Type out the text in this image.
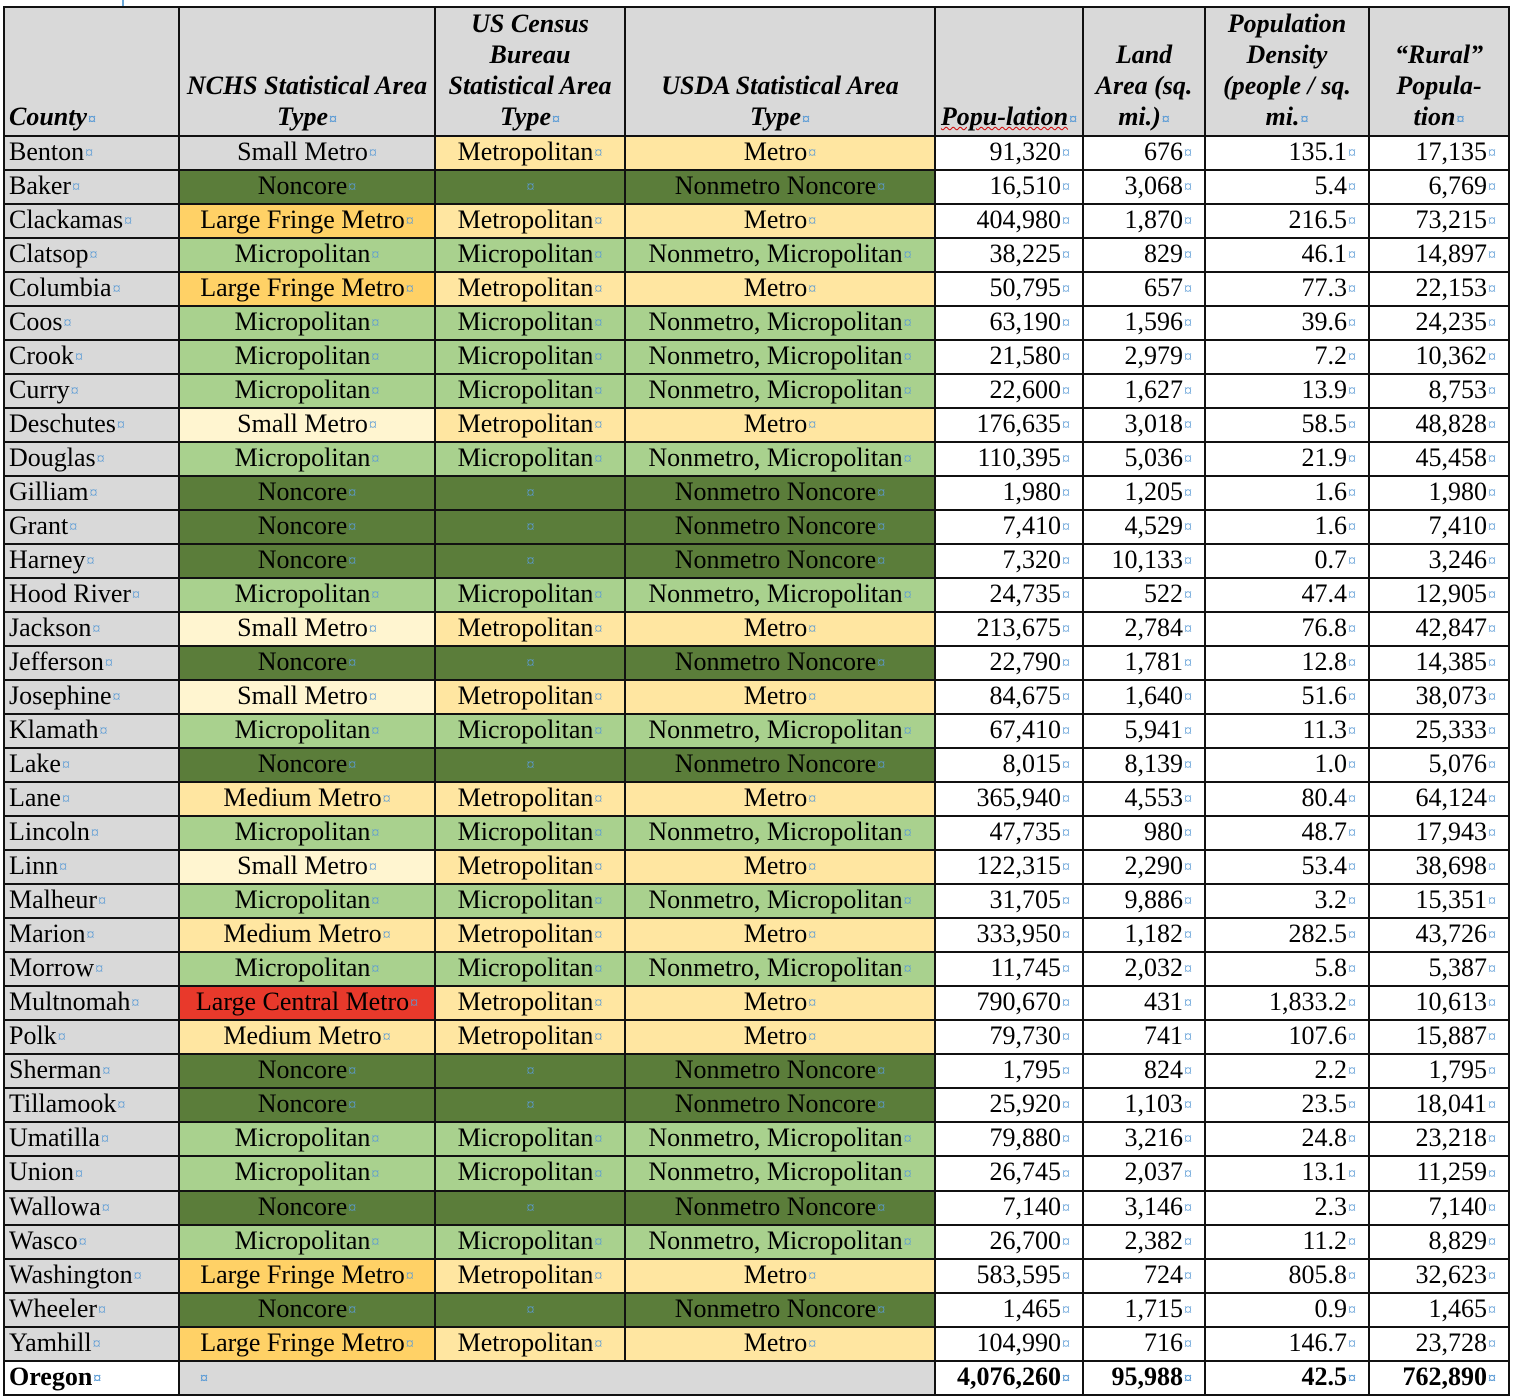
County¤	NCHS Statistical Area Type¤	US Census Bureau Statistical Area Type¤	USDA Statistical Area Type¤	Popu-lation¤	Land Area (sq. mi.)¤	Population Density (people / sq. mi.¤	“Rural” Popula-tion¤
Benton¤	Small Metro¤	Metropolitan¤	Metro¤	91,320¤	676¤	135.1¤	17,135¤
Baker¤	Noncore¤	¤	Nonmetro Noncore¤	16,510¤	3,068¤	5.4¤	6,769¤
Clackamas¤	Large Fringe Metro¤	Metropolitan¤	Metro¤	404,980¤	1,870¤	216.5¤	73,215¤
Clatsop¤	Micropolitan¤	Micropolitan¤	Nonmetro, Micropolitan¤	38,225¤	829¤	46.1¤	14,897¤
Columbia¤	Large Fringe Metro¤	Metropolitan¤	Metro¤	50,795¤	657¤	77.3¤	22,153¤
Coos¤	Micropolitan¤	Micropolitan¤	Nonmetro, Micropolitan¤	63,190¤	1,596¤	39.6¤	24,235¤
Crook¤	Micropolitan¤	Micropolitan¤	Nonmetro, Micropolitan¤	21,580¤	2,979¤	7.2¤	10,362¤
Curry¤	Micropolitan¤	Micropolitan¤	Nonmetro, Micropolitan¤	22,600¤	1,627¤	13.9¤	8,753¤
Deschutes¤	Small Metro¤	Metropolitan¤	Metro¤	176,635¤	3,018¤	58.5¤	48,828¤
Douglas¤	Micropolitan¤	Micropolitan¤	Nonmetro, Micropolitan¤	110,395¤	5,036¤	21.9¤	45,458¤
Gilliam¤	Noncore¤	¤	Nonmetro Noncore¤	1,980¤	1,205¤	1.6¤	1,980¤
Grant¤	Noncore¤	¤	Nonmetro Noncore¤	7,410¤	4,529¤	1.6¤	7,410¤
Harney¤	Noncore¤	¤	Nonmetro Noncore¤	7,320¤	10,133¤	0.7¤	3,246¤
Hood River¤	Micropolitan¤	Micropolitan¤	Nonmetro, Micropolitan¤	24,735¤	522¤	47.4¤	12,905¤
Jackson¤	Small Metro¤	Metropolitan¤	Metro¤	213,675¤	2,784¤	76.8¤	42,847¤
Jefferson¤	Noncore¤	¤	Nonmetro Noncore¤	22,790¤	1,781¤	12.8¤	14,385¤
Josephine¤	Small Metro¤	Metropolitan¤	Metro¤	84,675¤	1,640¤	51.6¤	38,073¤
Klamath¤	Micropolitan¤	Micropolitan¤	Nonmetro, Micropolitan¤	67,410¤	5,941¤	11.3¤	25,333¤
Lake¤	Noncore¤	¤	Nonmetro Noncore¤	8,015¤	8,139¤	1.0¤	5,076¤
Lane¤	Medium Metro¤	Metropolitan¤	Metro¤	365,940¤	4,553¤	80.4¤	64,124¤
Lincoln¤	Micropolitan¤	Micropolitan¤	Nonmetro, Micropolitan¤	47,735¤	980¤	48.7¤	17,943¤
Linn¤	Small Metro¤	Metropolitan¤	Metro¤	122,315¤	2,290¤	53.4¤	38,698¤
Malheur¤	Micropolitan¤	Micropolitan¤	Nonmetro, Micropolitan¤	31,705¤	9,886¤	3.2¤	15,351¤
Marion¤	Medium Metro¤	Metropolitan¤	Metro¤	333,950¤	1,182¤	282.5¤	43,726¤
Morrow¤	Micropolitan¤	Micropolitan¤	Nonmetro, Micropolitan¤	11,745¤	2,032¤	5.8¤	5,387¤
Multnomah¤	Large Central Metro¤	Metropolitan¤	Metro¤	790,670¤	431¤	1,833.2¤	10,613¤
Polk¤	Medium Metro¤	Metropolitan¤	Metro¤	79,730¤	741¤	107.6¤	15,887¤
Sherman¤	Noncore¤	¤	Nonmetro Noncore¤	1,795¤	824¤	2.2¤	1,795¤
Tillamook¤	Noncore¤	¤	Nonmetro Noncore¤	25,920¤	1,103¤	23.5¤	18,041¤
Umatilla¤	Micropolitan¤	Micropolitan¤	Nonmetro, Micropolitan¤	79,880¤	3,216¤	24.8¤	23,218¤
Union¤	Micropolitan¤	Micropolitan¤	Nonmetro, Micropolitan¤	26,745¤	2,037¤	13.1¤	11,259¤
Wallowa¤	Noncore¤	¤	Nonmetro Noncore¤	7,140¤	3,146¤	2.3¤	7,140¤
Wasco¤	Micropolitan¤	Micropolitan¤	Nonmetro, Micropolitan¤	26,700¤	2,382¤	11.2¤	8,829¤
Washington¤	Large Fringe Metro¤	Metropolitan¤	Metro¤	583,595¤	724¤	805.8¤	32,623¤
Wheeler¤	Noncore¤	¤	Nonmetro Noncore¤	1,465¤	1,715¤	0.9¤	1,465¤
Yamhill¤	Large Fringe Metro¤	Metropolitan¤	Metro¤	104,990¤	716¤	146.7¤	23,728¤
Oregon¤	¤			4,076,260¤	95,988¤	42.5¤	762,890¤
